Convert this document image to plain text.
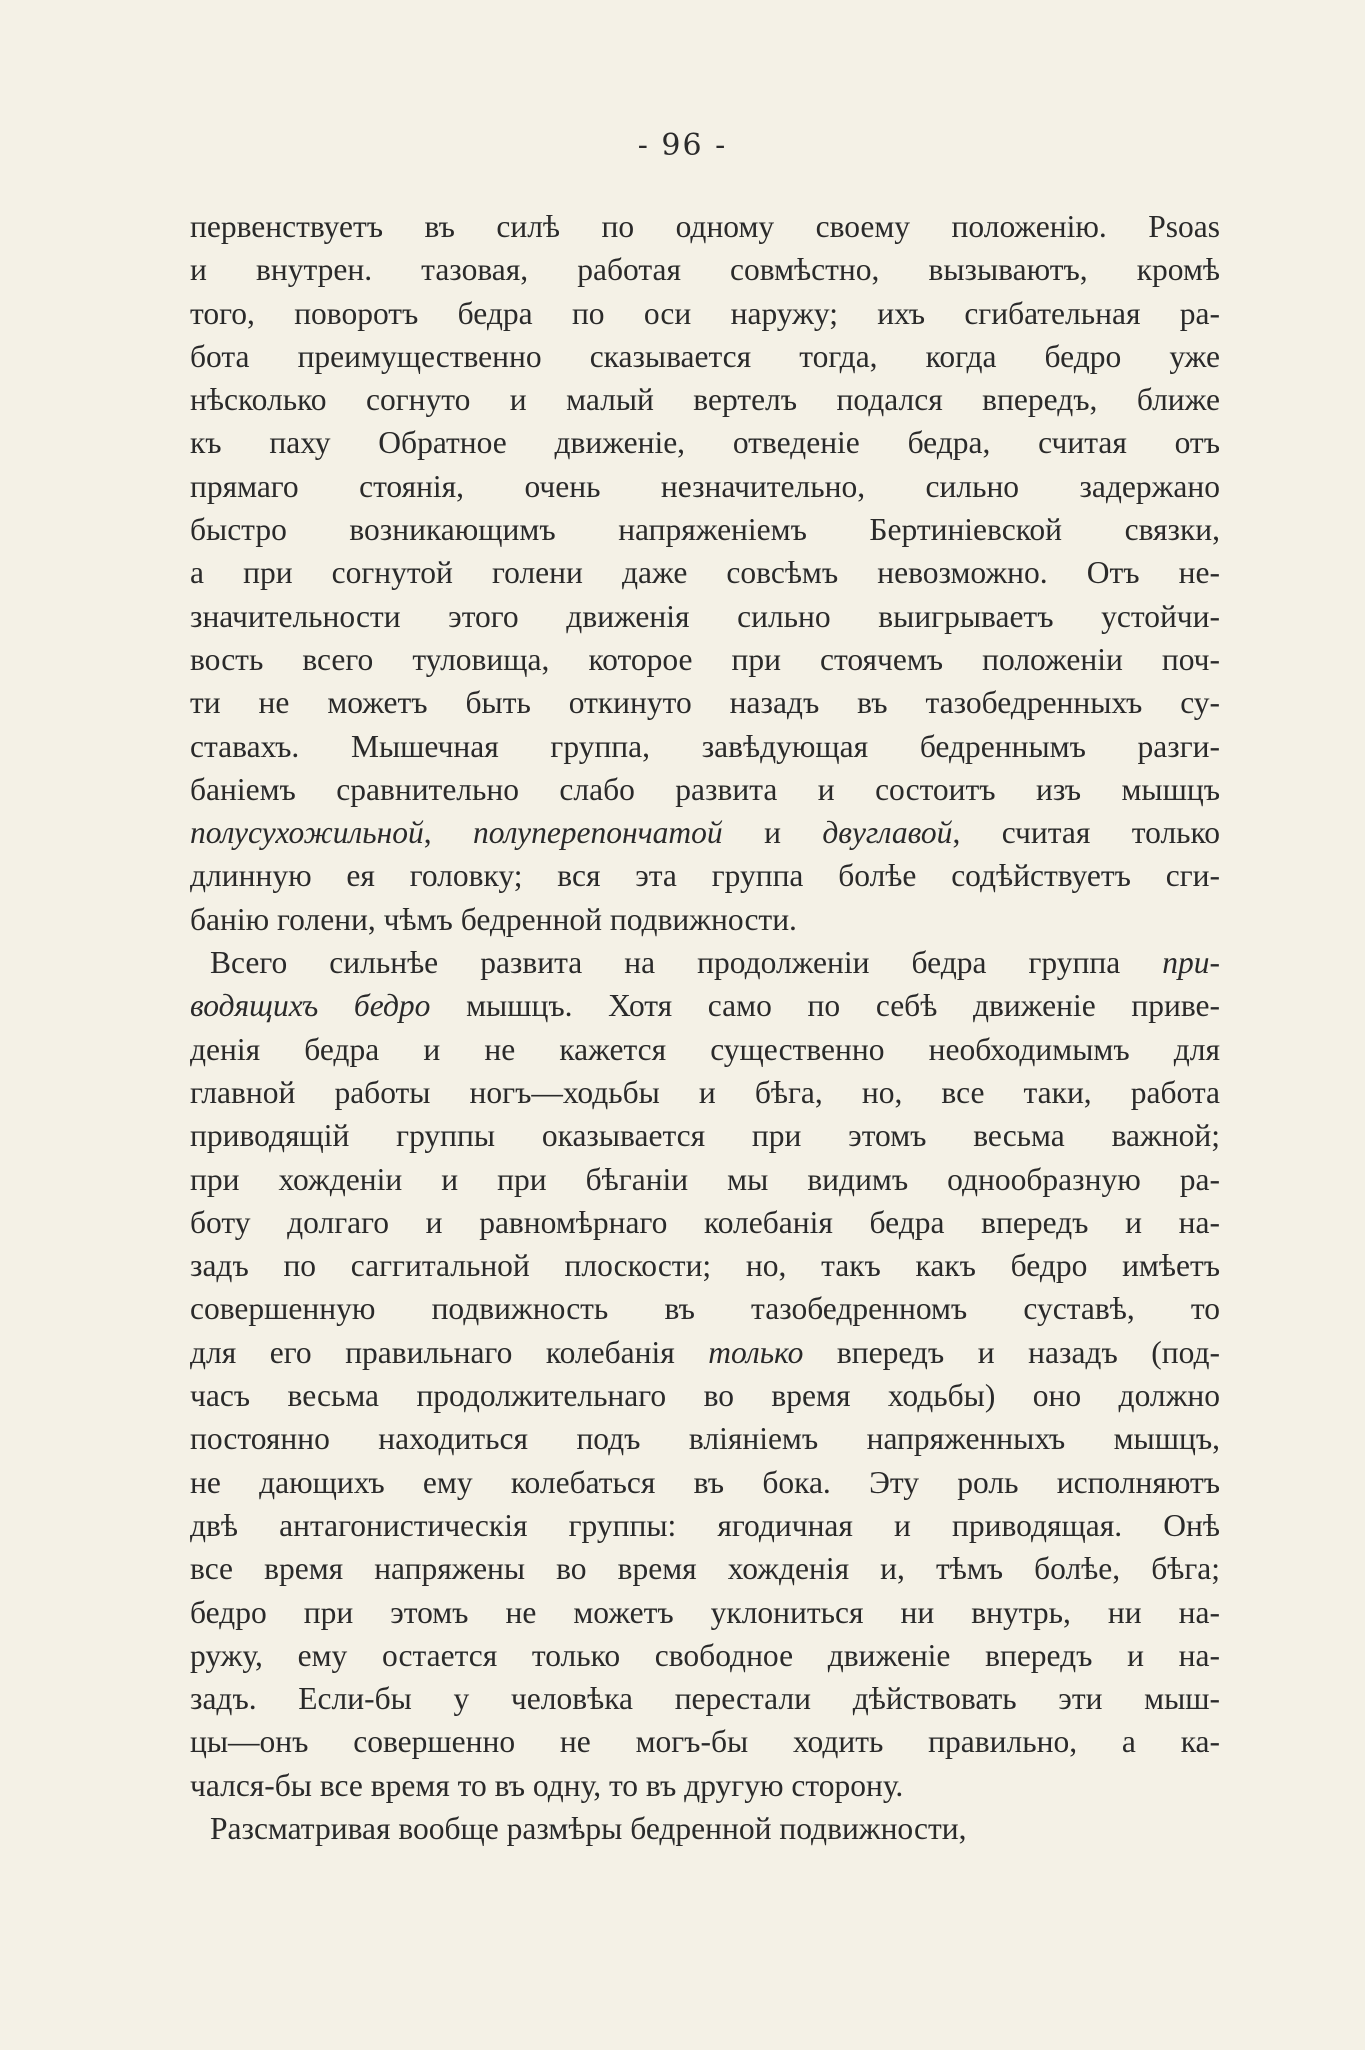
- 96 -
первенствуетъ въ силѣ по одному своему положенію. Psoas
и внутрен. тазовая, работая совмѣстно, вызываютъ, кромѣ
того, поворотъ бедра по оси наружу; ихъ сгибательная ра-
бота преимущественно сказывается тогда, когда бедро уже
нѣсколько согнуто и малый вертелъ подался впередъ, ближе
къ паху Обратное движеніе, отведеніе бедра, считая отъ
прямаго стоянія, очень незначительно, сильно задержано
быстро возникающимъ напряженіемъ Бертиніевской связки,
а при согнутой голени даже совсѣмъ невозможно. Отъ не-
значительности этого движенія сильно выигрываетъ устойчи-
вость всего туловища, которое при стоячемъ положеніи поч-
ти не можетъ быть откинуто назадъ въ тазобедренныхъ су-
ставахъ. Мышечная группа, завѣдующая бедреннымъ разги-
баніемъ сравнительно слабо развита и состоитъ изъ мышцъ
полусухожильной, полуперепончатой и двуглавой, считая только
длинную ея головку; вся эта группа болѣе содѣйствуетъ сги-
банію голени, чѣмъ бедренной подвижности.
Всего сильнѣе развита на продолженіи бедра группа при-
водящихъ бедро мышцъ. Хотя само по себѣ движеніе приве-
денія бедра и не кажется существенно необходимымъ для
главной работы ногъ—ходьбы и бѣга, но, все таки, работа
приводящій группы оказывается при этомъ весьма важной;
при хожденіи и при бѣганіи мы видимъ однообразную ра-
боту долгаго и равномѣрнаго колебанія бедра впередъ и на-
задъ по саггитальной плоскости; но, такъ какъ бедро имѣетъ
совершенную подвижность въ тазобедренномъ суставѣ, то
для его правильнаго колебанія только впередъ и назадъ (под-
часъ весьма продолжительнаго во время ходьбы) оно должно
постоянно находиться подъ вліяніемъ напряженныхъ мышцъ,
не дающихъ ему колебаться въ бока. Эту роль исполняютъ
двѣ антагонистическія группы: ягодичная и приводящая. Онѣ
все время напряжены во время хожденія и, тѣмъ болѣе, бѣга;
бедро при этомъ не можетъ уклониться ни внутрь, ни на-
ружу, ему остается только свободное движеніе впередъ и на-
задъ. Если-бы у человѣка перестали дѣйствовать эти мыш-
цы—онъ совершенно не могъ-бы ходить правильно, а ка-
чался-бы все время то въ одну, то въ другую сторону.
Разсматривая вообще размѣры бедренной подвижности,
